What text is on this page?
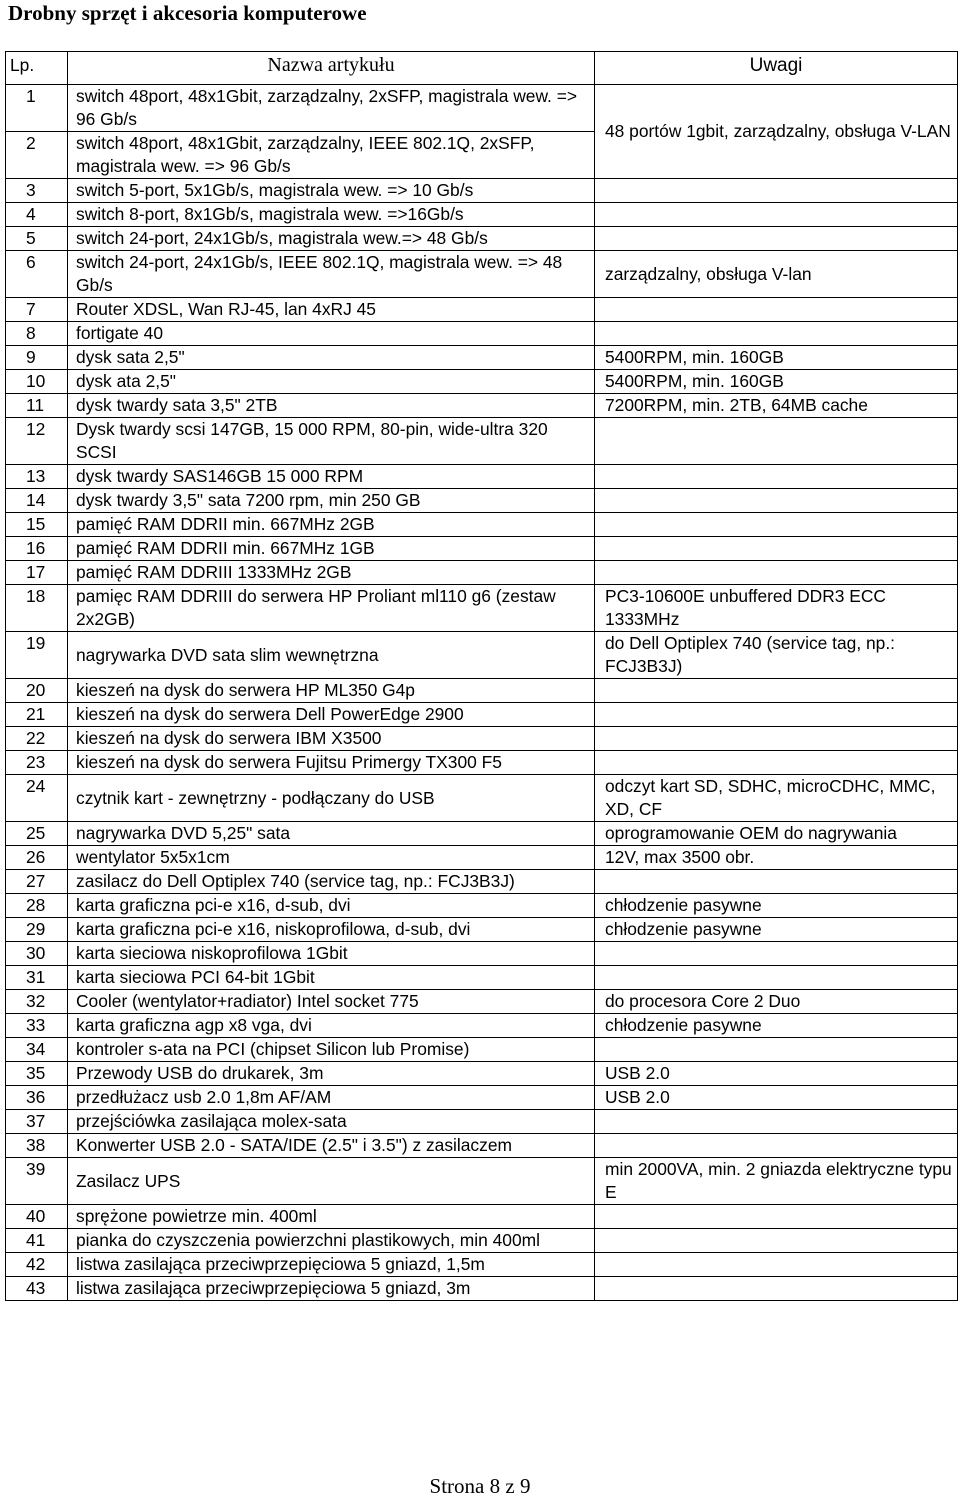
Drobny sprzęt i akcesoria komputerowe
Lp.	Nazwa artykułu	Uwagi
1	switch 48port, 48x1Gbit, zarządzalny, 2xSFP, magistrala wew. => 96 Gb/s	48 portów 1gbit, zarządzalny, obsługa V-LAN
2	switch 48port, 48x1Gbit, zarządzalny, IEEE 802.1Q, 2xSFP, magistrala wew. => 96 Gb/s	
3	switch 5-port, 5x1Gb/s, magistrala wew. => 10 Gb/s	
4	switch 8-port, 8x1Gb/s, magistrala wew. =>16Gb/s	
5	switch 24-port, 24x1Gb/s, magistrala wew.=> 48 Gb/s	
6	switch 24-port, 24x1Gb/s, IEEE 802.1Q, magistrala wew. => 48 Gb/s	zarządzalny, obsługa V-lan
7	Router XDSL, Wan RJ-45, lan 4xRJ 45	
8	fortigate 40	
9	dysk sata 2,5"	5400RPM, min. 160GB
10	dysk ata 2,5"	5400RPM, min. 160GB
11	dysk twardy sata 3,5" 2TB	7200RPM, min. 2TB, 64MB cache
12	Dysk twardy scsi 147GB, 15 000 RPM, 80-pin, wide-ultra 320 SCSI	
13	dysk twardy SAS146GB 15 000 RPM	
14	dysk twardy 3,5" sata 7200 rpm, min 250 GB	
15	pamięć RAM DDRII min. 667MHz 2GB	
16	pamięć RAM DDRII min. 667MHz 1GB	
17	pamięć RAM DDRIII 1333MHz 2GB	
18	pamięc RAM DDRIII do serwera HP Proliant ml110 g6 (zestaw 2x2GB)	PC3-10600E unbuffered DDR3 ECC 1333MHz
19	nagrywarka DVD sata slim wewnętrzna	do Dell Optiplex 740 (service tag, np.: FCJ3B3J)
20	kieszeń na dysk do serwera HP ML350 G4p	
21	kieszeń na dysk do serwera Dell PowerEdge 2900	
22	kieszeń na dysk do serwera IBM X3500	
23	kieszeń na dysk do serwera Fujitsu Primergy TX300 F5	
24	czytnik kart - zewnętrzny - podłączany do USB	odczyt kart SD, SDHC, microCDHC, MMC, XD, CF
25	nagrywarka DVD 5,25" sata	oprogramowanie OEM do nagrywania
26	wentylator 5x5x1cm	12V, max 3500 obr.
27	zasilacz do Dell Optiplex 740 (service tag, np.: FCJ3B3J)	
28	karta graficzna pci-e x16, d-sub, dvi	chłodzenie pasywne
29	karta graficzna pci-e x16, niskoprofilowa, d-sub, dvi	chłodzenie pasywne
30	karta sieciowa niskoprofilowa 1Gbit	
31	karta sieciowa PCI 64-bit 1Gbit	
32	Cooler (wentylator+radiator) Intel socket 775	do procesora Core 2 Duo
33	karta graficzna agp x8 vga, dvi	chłodzenie pasywne
34	kontroler s-ata na PCI (chipset Silicon lub Promise)	
35	Przewody USB do drukarek, 3m	USB 2.0
36	przedłużacz usb 2.0 1,8m AF/AM	USB 2.0
37	przejściówka zasilająca molex-sata	
38	Konwerter USB 2.0 - SATA/IDE (2.5" i 3.5") z zasilaczem	
39	Zasilacz UPS	min 2000VA, min. 2 gniazda elektryczne typu E
40	sprężone powietrze min. 400ml	
41	pianka do czyszczenia powierzchni plastikowych, min 400ml	
42	listwa zasilająca przeciwprzepięciowa 5 gniazd, 1,5m	
43	listwa zasilająca przeciwprzepięciowa 5 gniazd, 3m	
Strona 8 z 9
